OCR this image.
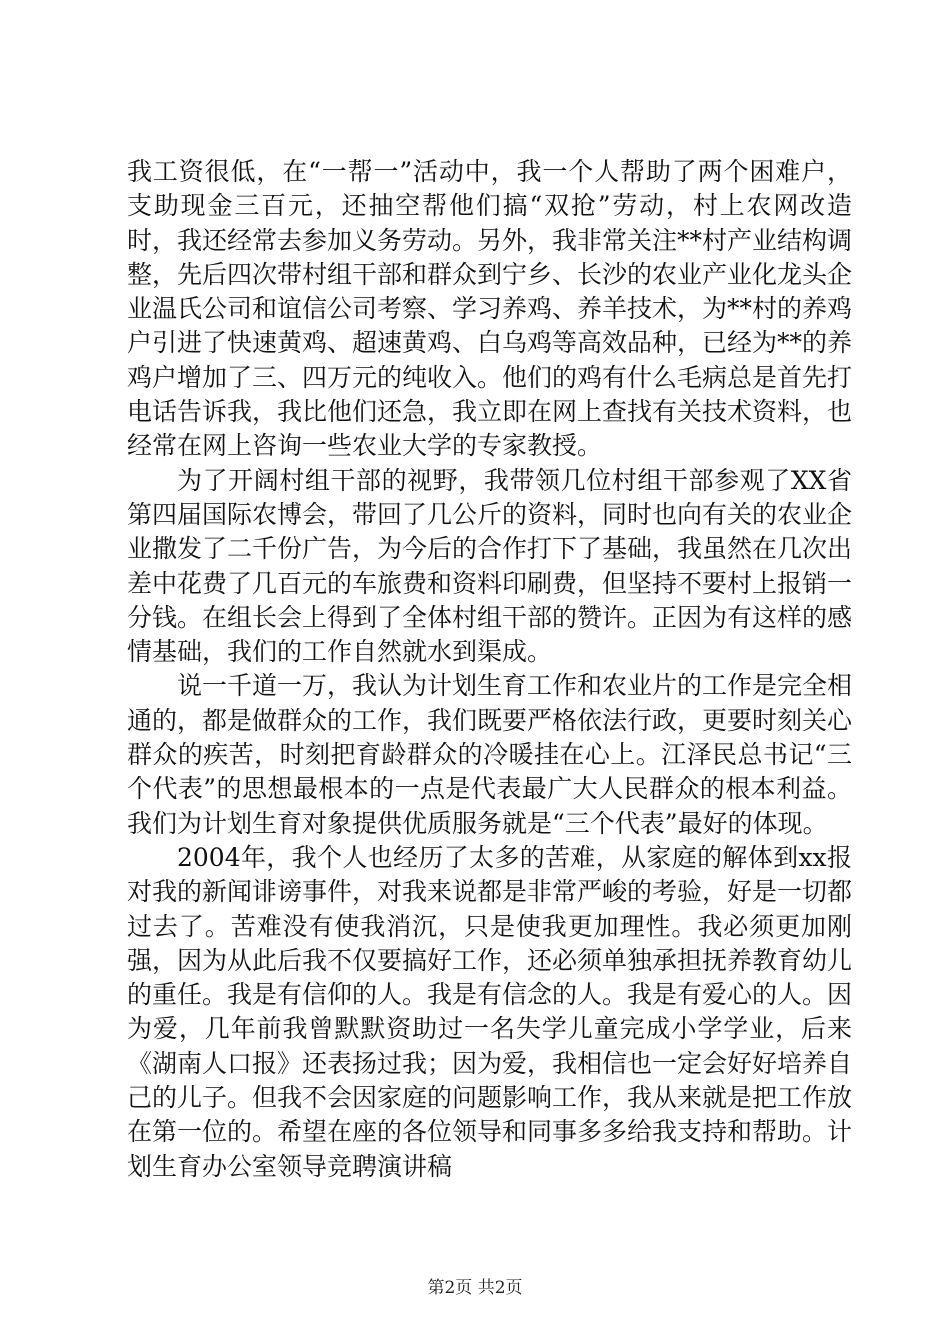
我工资很低，在“一帮一”活动中，我一个人帮助了两个困难户，支助现金三百元，还抽空帮他们搞“双抢”劳动，村上农网改造时，我还经常去参加义务劳动。另外，我非常关注**村产业结构调整，先后四次带村组干部和群众到宁乡、长沙的农业产业化龙头企业温氏公司和谊信公司考察、学习养鸡、养羊技术，为**村的养鸡户引进了快速黄鸡、超速黄鸡、白乌鸡等高效品种，已经为**的养鸡户增加了三、四万元的纯收入。他们的鸡有什么毛病总是首先打电话告诉我，我比他们还急，我立即在网上查找有关技术资料，也经常在网上咨询一些农业大学的专家教授。

为了开阔村组干部的视野，我带领几位村组干部参观了XX省第四届国际农博会，带回了几公斤的资料，同时也向有关的农业企业撒发了二千份广告，为今后的合作打下了基础，我虽然在几次出差中花费了几百元的车旅费和资料印刷费，但坚持不要村上报销一分钱。在组长会上得到了全体村组干部的赞许。正因为有这样的感情基础，我们的工作自然就水到渠成。

说一千道一万，我认为计划生育工作和农业片的工作是完全相通的，都是做群众的工作，我们既要严格依法行政，更要时刻关心群众的疾苦，时刻把育龄群众的冷暖挂在心上。江泽民总书记“三个代表”的思想最根本的一点是代表最广大人民群众的根本利益。我们为计划生育对象提供优质服务就是“三个代表”最好的体现。

2004年，我个人也经历了太多的苦难，从家庭的解体到xx报对我的新闻诽谤事件，对我来说都是非常严峻的考验，好是一切都过去了。苦难没有使我消沉，只是使我更加理性。我必须更加刚强，因为从此后我不仅要搞好工作，还必须单独承担抚养教育幼儿的重任。我是有信仰的人。我是有信念的人。我是有爱心的人。因为爱，几年前我曾默默资助过一名失学儿童完成小学学业，后来《湖南人口报》还表扬过我；因为爱，我相信也一定会好好培养自己的儿子。但我不会因家庭的问题影响工作，我从来就是把工作放在第一位的。希望在座的各位领导和同事多多给我支持和帮助。计划生育办公室领导竞聘演讲稿

第2页 共2页
